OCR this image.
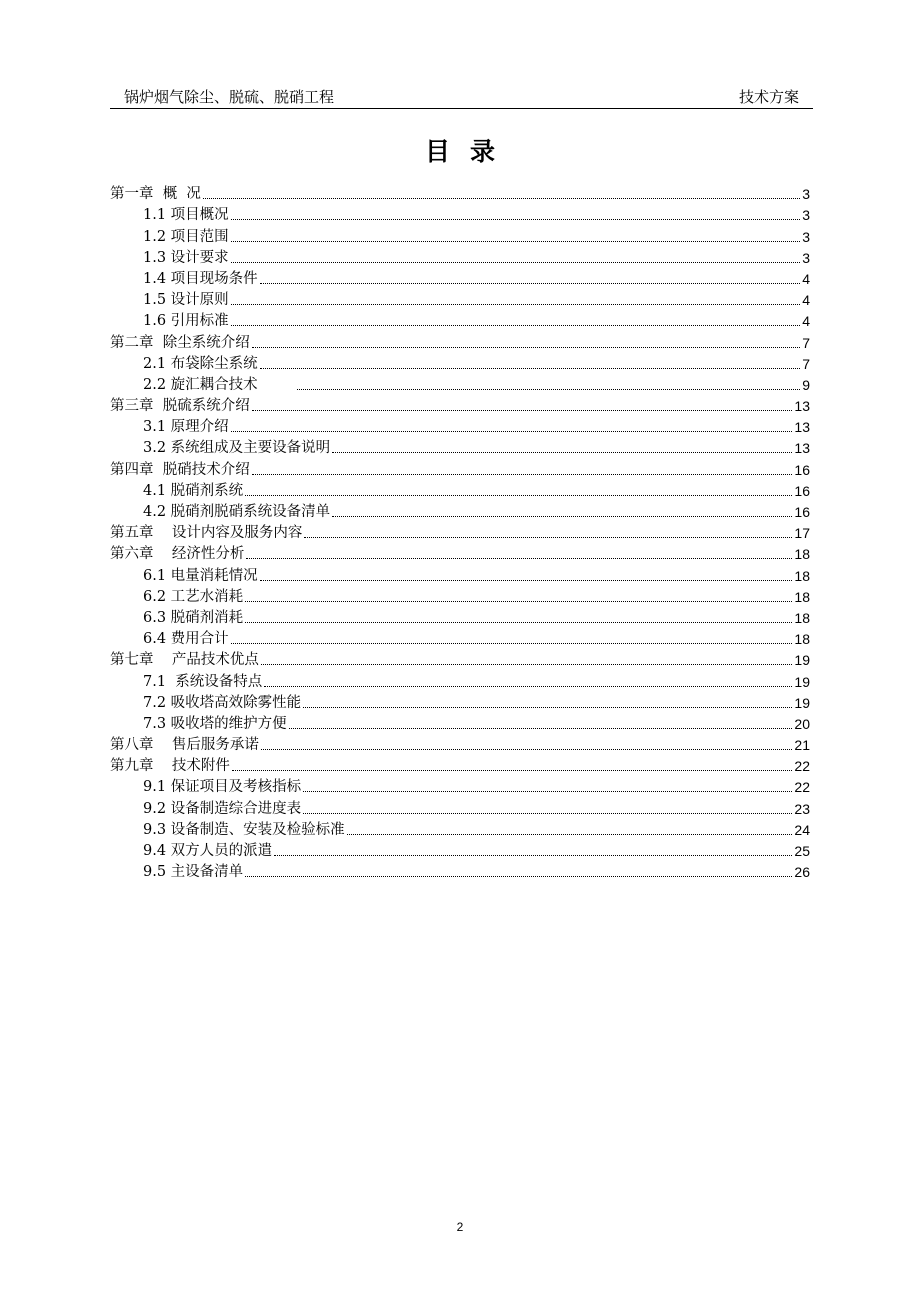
锅炉烟气除尘、脱硫、脱硝工程	技术方案
目录
第一章  概  况	3
1.1 项目概况	3
1.2 项目范围	3
1.3 设计要求	3
1.4 项目现场条件	4
1.5 设计原则	4
1.6 引用标准	4
第二章  除尘系统介绍	7
2.1 布袋除尘系统	7
2.2 旋汇耦合技术	9
第三章  脱硫系统介绍	13
3.1 原理介绍	13
3.2 系统组成及主要设备说明	13
第四章  脱硝技术介绍	16
4.1 脱硝剂系统	16
4.2 脱硝剂脱硝系统设备清单	16
第五章    设计内容及服务内容	17
第六章    经济性分析	18
6.1 电量消耗情况	18
6.2 工艺水消耗	18
6.3 脱硝剂消耗	18
6.4 费用合计	18
第七章    产品技术优点	19
7.1  系统设备特点	19
7.2 吸收塔高效除雾性能	19
7.3 吸收塔的维护方便	20
第八章    售后服务承诺	21
第九章    技术附件	22
9.1 保证项目及考核指标	22
9.2 设备制造综合进度表	23
9.3 设备制造、安装及检验标准	24
9.4 双方人员的派遣	25
9.5 主设备清单	26
2
